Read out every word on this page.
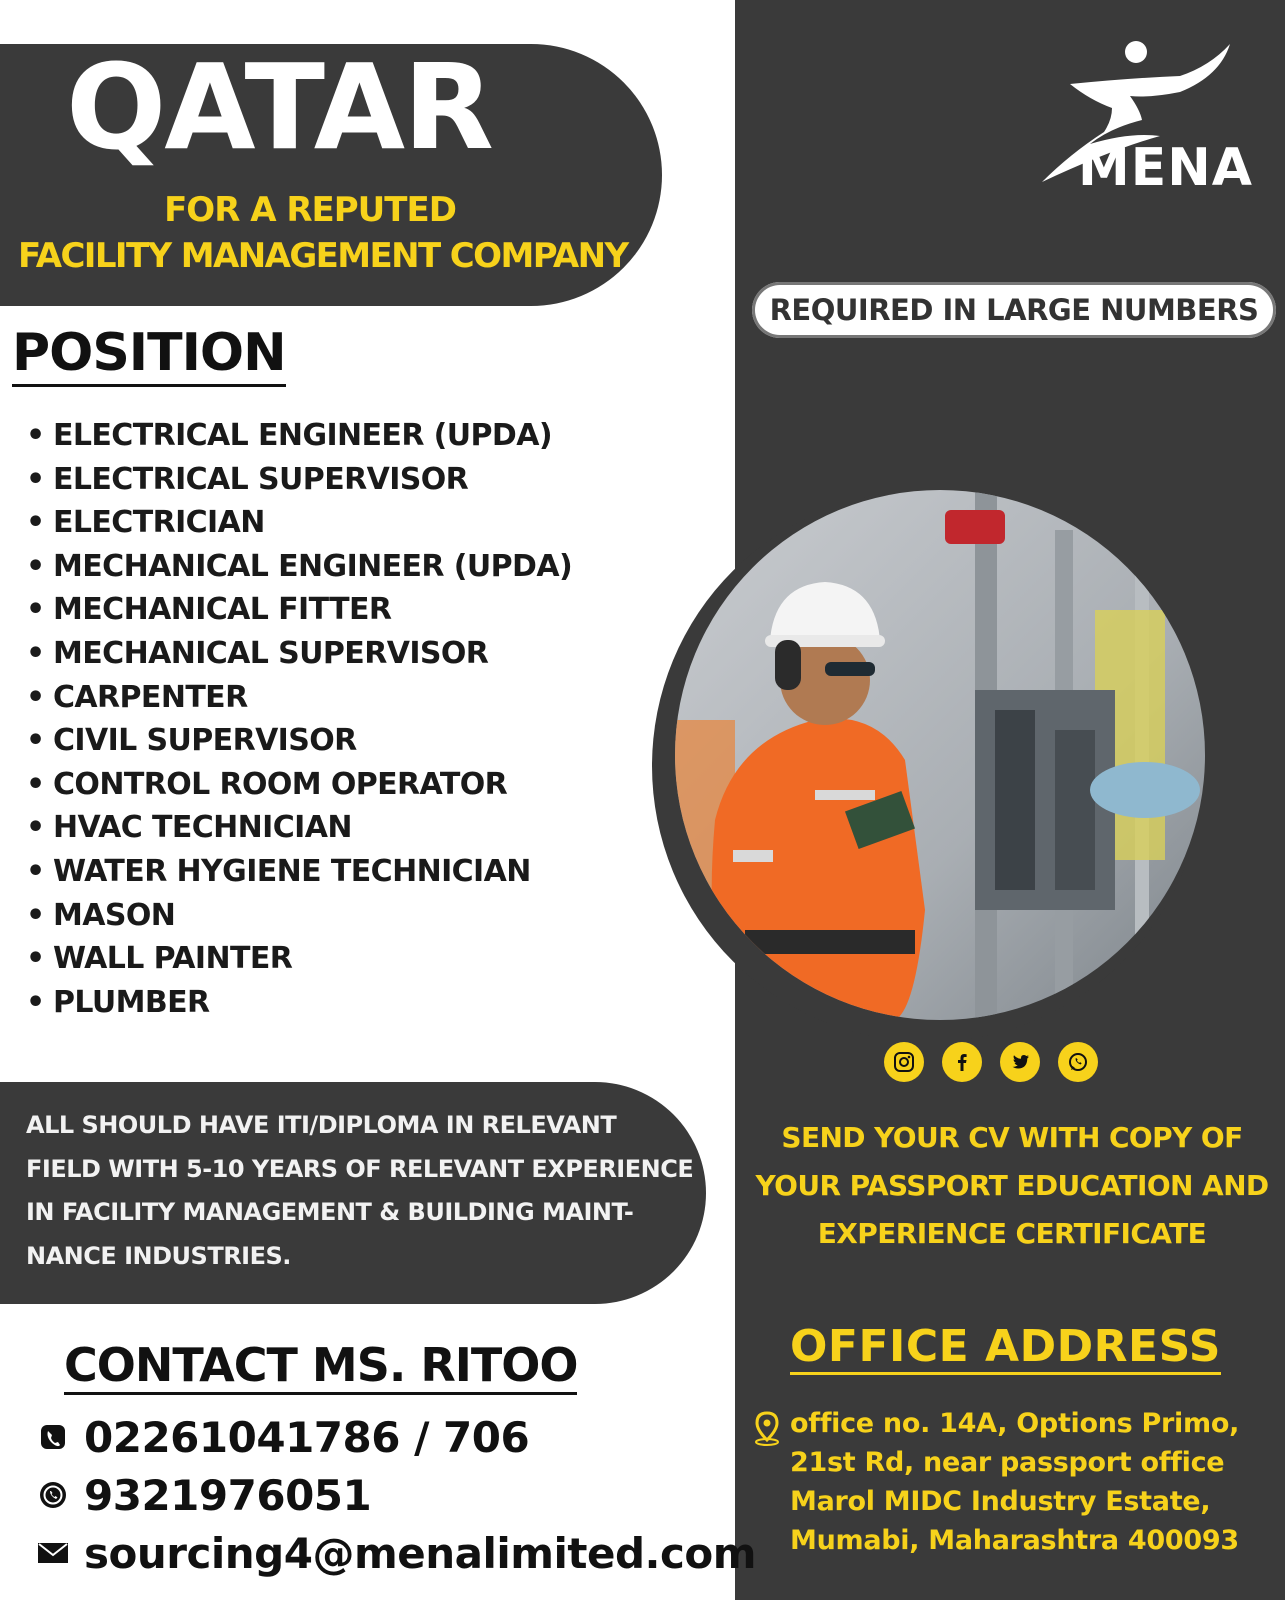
QATAR
FOR A REPUTED
FACILITY MANAGEMENT COMPANY
POSITION
• ELECTRICAL ENGINEER (UPDA)
• ELECTRICAL SUPERVISOR
• ELECTRICIAN
• MECHANICAL ENGINEER (UPDA)
• MECHANICAL FITTER
• MECHANICAL SUPERVISOR
• CARPENTER
• CIVIL SUPERVISOR
• CONTROL ROOM OPERATOR
• HVAC TECHNICIAN
• WATER HYGIENE TECHNICIAN
• MASON
• WALL PAINTER
• PLUMBER
ALL SHOULD HAVE ITI/DIPLOMA IN RELEVANT
FIELD WITH 5-10 YEARS OF RELEVANT EXPERIENCE
IN FACILITY MANAGEMENT & BUILDING MAINT-
NANCE INDUSTRIES.
CONTACT MS. RITOO
02261041786 / 706
9321976051
sourcing4@menalimited.com
MENA
REQUIRED IN LARGE NUMBERS
SEND YOUR CV WITH COPY OF
YOUR PASSPORT EDUCATION AND
EXPERIENCE CERTIFICATE
OFFICE ADDRESS
office no. 14A, Options Primo,
21st Rd, near passport office
Marol MIDC Industry Estate,
Mumabi, Maharashtra 400093
